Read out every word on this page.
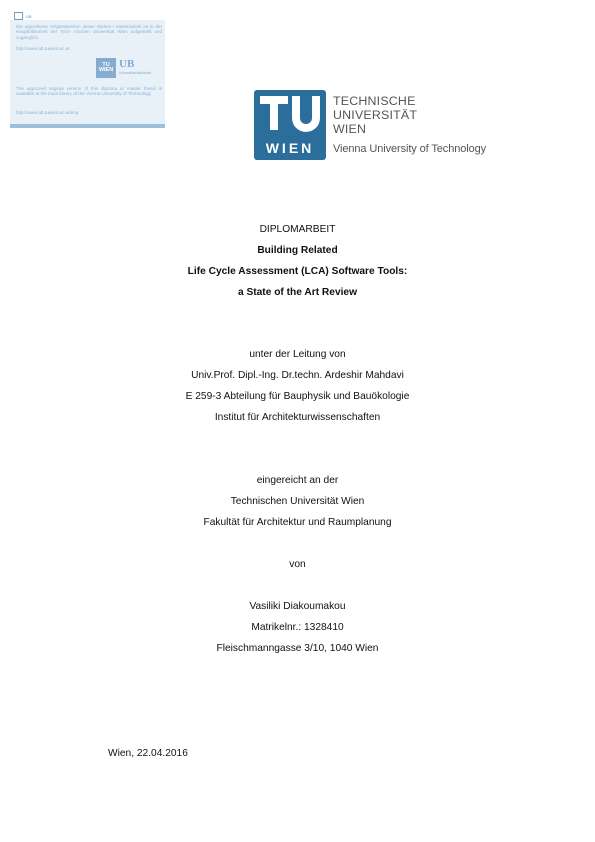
UB
Die approbierte Originalversion dieser Diplom-/ Masterarbeit ist in der Hauptbibliothek der Tech- nischen Universität Wien aufgestellt und zugänglich.
http://www.ub.tuwien.ac.at
TU WIEN UB
Universitätsbibliothek
The approved original version of this diploma or master thesis is available at the main library of the Vienna University of Technology.
http://www.ub.tuwien.ac.at/eng
WIEN
TECHNISCHE
UNIVERSITÄT
WIEN
Vienna University of Technology
DIPLOMARBEIT
Building Related
Life Cycle Assessment (LCA) Software Tools:
a State of the Art Review
unter der Leitung von
Univ.Prof. Dipl.-Ing. Dr.techn. Ardeshir Mahdavi
E 259-3 Abteilung für Bauphysik und Bauökologie
Institut für Architekturwissenschaften
eingereicht an der
Technischen Universität Wien
Fakultät für Architektur und Raumplanung
von
Vasiliki Diakoumakou
Matrikelnr.: 1328410
Fleischmanngasse 3/10, 1040 Wien
Wien, 22.04.2016
